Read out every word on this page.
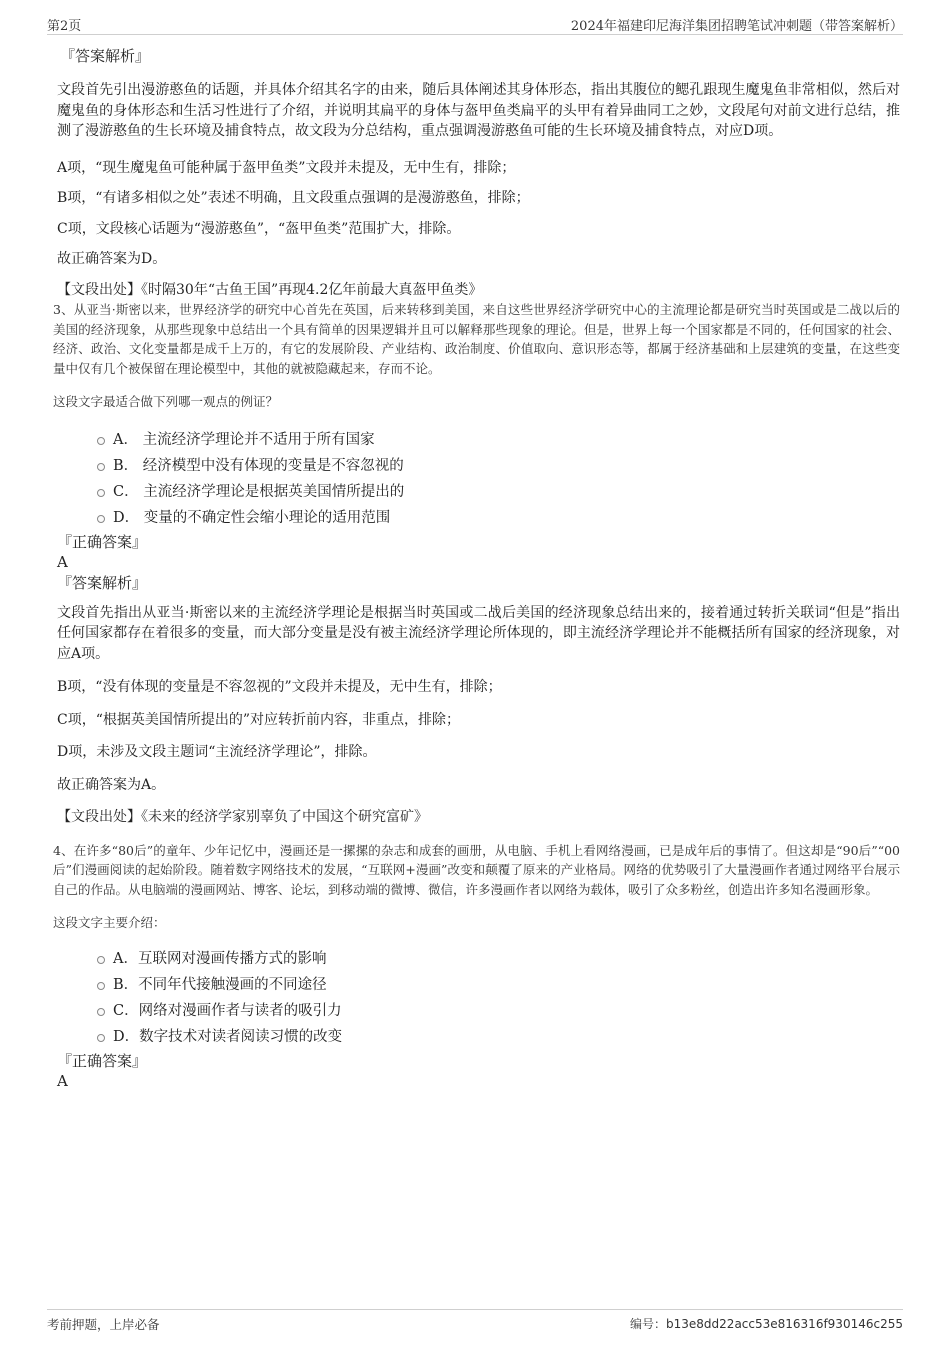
第2页	2024年福建印尼海洋集团招聘笔试冲刺题（带答案解析）

『答案解析』

文段首先引出漫游憨鱼的话题，并具体介绍其名字的由来，随后具体阐述其身体形态，指出其腹位的鳃孔跟现生魔鬼鱼非常相似，然后对魔鬼鱼的身体形态和生活习性进行了介绍，并说明其扁平的身体与盔甲鱼类扁平的头甲有着异曲同工之妙，文段尾句对前文进行总结，推测了漫游憨鱼的生长环境及捕食特点，故文段为分总结构，重点强调漫游憨鱼可能的生长环境及捕食特点，对应D项。

A项，“现生魔鬼鱼可能种属于盔甲鱼类”文段并未提及，无中生有，排除；

B项，“有诸多相似之处”表述不明确，且文段重点强调的是漫游憨鱼，排除；

C项，文段核心话题为“漫游憨鱼”，“盔甲鱼类”范围扩大，排除。

故正确答案为D。

【文段出处】《时隔30年“古鱼王国”再现4.2亿年前最大真盔甲鱼类》

3、从亚当·斯密以来，世界经济学的研究中心首先在英国，后来转移到美国，来自这些世界经济学研究中心的主流理论都是研究当时英国或是二战以后的美国的经济现象，从那些现象中总结出一个具有简单的因果逻辑并且可以解释那些现象的理论。但是，世界上每一个国家都是不同的，任何国家的社会、经济、政治、文化变量都是成千上万的，有它的发展阶段、产业结构、政治制度、价值取向、意识形态等，都属于经济基础和上层建筑的变量，在这些变量中仅有几个被保留在理论模型中，其他的就被隐藏起来，存而不论。

这段文字最适合做下列哪一观点的例证？

A． 主流经济学理论并不适用于所有国家
B． 经济模型中没有体现的变量是不容忽视的
C． 主流经济学理论是根据英美国情所提出的
D． 变量的不确定性会缩小理论的适用范围

『正确答案』

A

『答案解析』

文段首先指出从亚当·斯密以来的主流经济学理论是根据当时英国或二战后美国的经济现象总结出来的，接着通过转折关联词“但是”指出任何国家都存在着很多的变量，而大部分变量是没有被主流经济学理论所体现的，即主流经济学理论并不能概括所有国家的经济现象，对应A项。

B项，“没有体现的变量是不容忽视的”文段并未提及，无中生有，排除；

C项，“根据英美国情所提出的”对应转折前内容，非重点，排除；

D项，未涉及文段主题词“主流经济学理论”，排除。

故正确答案为A。

【文段出处】《未来的经济学家别辜负了中国这个研究富矿》

4、在许多“80后”的童年、少年记忆中，漫画还是一摞摞的杂志和成套的画册，从电脑、手机上看网络漫画，已是成年后的事情了。但这却是“90后”“00后”们漫画阅读的起始阶段。随着数字网络技术的发展，“互联网+漫画”改变和颠覆了原来的产业格局。网络的优势吸引了大量漫画作者通过网络平台展示自己的作品。从电脑端的漫画网站、博客、论坛，到移动端的微博、微信，许多漫画作者以网络为载体，吸引了众多粉丝，创造出许多知名漫画形象。

这段文字主要介绍：

A．互联网对漫画传播方式的影响
B．不同年代接触漫画的不同途径
C．网络对漫画作者与读者的吸引力
D．数字技术对读者阅读习惯的改变

『正确答案』

A

考前押题，上岸必备	编号：b13e8dd22acc53e816316f930146c255
